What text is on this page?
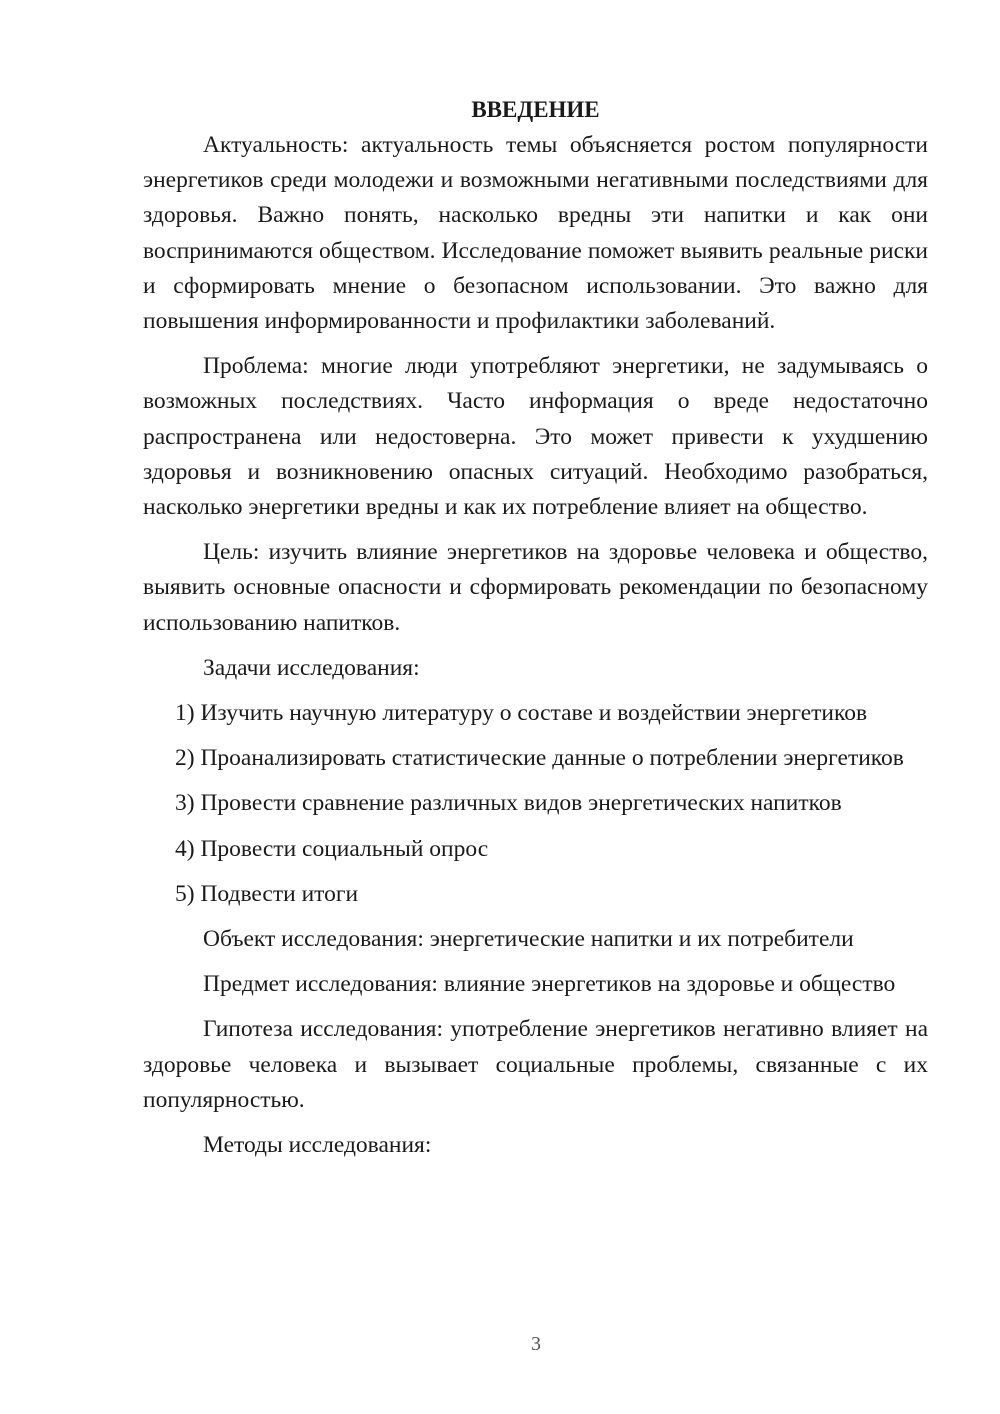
ВВЕДЕНИЕ

Актуальность: актуальность темы объясняется ростом популярности энергетиков среди молодежи и возможными негативными последствиями для здоровья. Важно понять, насколько вредны эти напитки и как они воспринимаются обществом. Исследование поможет выявить реальные риски и сформировать мнение о безопасном использовании. Это важно для повышения информированности и профилактики заболеваний.

Проблема: многие люди употребляют энергетики, не задумываясь о возможных последствиях. Часто информация о вреде недостаточно распространена или недостоверна. Это может привести к ухудшению здоровья и возникновению опасных ситуаций. Необходимо разобраться, насколько энергетики вредны и как их потребление влияет на общество.

Цель: изучить влияние энергетиков на здоровье человека и общество, выявить основные опасности и сформировать рекомендации по безопасному использованию напитков.

Задачи исследования:

1) Изучить научную литературу о составе и воздействии энергетиков
2) Проанализировать статистические данные о потреблении энергетиков
3) Провести сравнение различных видов энергетических напитков
4) Провести социальный опрос
5) Подвести итоги

Объект исследования: энергетические напитки и их потребители

Предмет исследования: влияние энергетиков на здоровье и общество

Гипотеза исследования: употребление энергетиков негативно влияет на здоровье человека и вызывает социальные проблемы, связанные с их популярностью.

Методы исследования:

3
